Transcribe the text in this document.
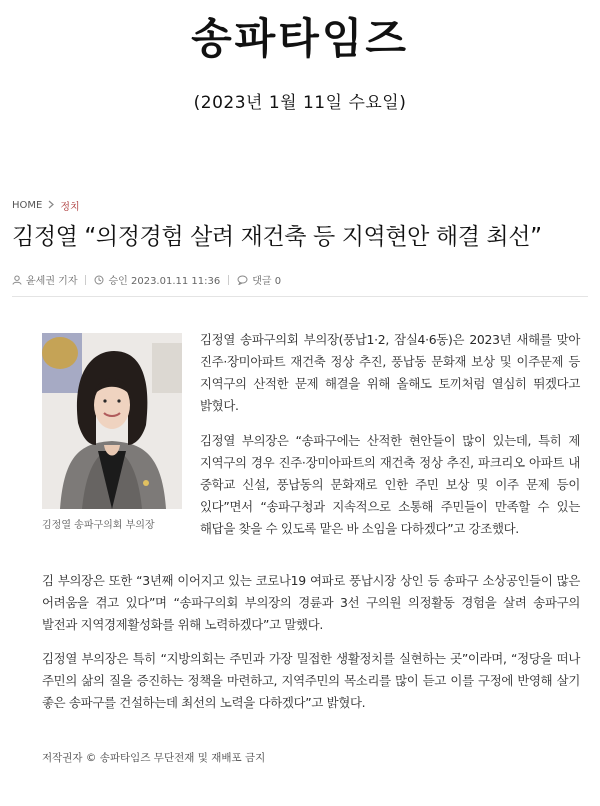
송파타임즈
(2023년 1월 11일 수요일)
HOME 정치
김정열 “의정경험 살려 재건축 등 지역현안 해결 최선”
윤세권 기자	승인 2023.01.11 11:36	댓글 0
김정열 송파구의회 부의장
김정열 송파구의회 부의장(풍납1·2, 잠실4·6동)은 2023년 새해를 맞아 진주·장미아파트 재건축 정상 추진, 풍납동 문화재 보상 및 이주문제 등 지역구의 산적한 문제 해결을 위해 올해도 토끼처럼 열심히 뛰겠다고 밝혔다.
김정열 부의장은 “송파구에는 산적한 현안들이 많이 있는데, 특히 제 지역구의 경우 진주·장미아파트의 재건축 정상 추진, 파크리오 아파트 내 중학교 신설, 풍납동의 문화재로 인한 주민 보상 및 이주 문제 등이 있다”면서 “송파구청과 지속적으로 소통해 주민들이 만족할 수 있는 해답을 찾을 수 있도록 맡은 바 소임을 다하겠다”고 강조했다.
김 부의장은 또한 “3년째 이어지고 있는 코로나19 여파로 풍납시장 상인 등 송파구 소상공인들이 많은 어려움을 겪고 있다”며 “송파구의회 부의장의 경륜과 3선 구의원 의정활동 경험을 살려 송파구의 발전과 지역경제활성화를 위해 노력하겠다”고 말했다.
김정열 부의장은 특히 “지방의회는 주민과 가장 밀접한 생활정치를 실현하는 곳”이라며, “정당을 떠나 주민의 삶의 질을 증진하는 정책을 마련하고, 지역주민의 목소리를 많이 듣고 이를 구정에 반영해 살기 좋은 송파구를 건설하는데 최선의 노력을 다하겠다”고 밝혔다.
저작권자 © 송파타임즈 무단전재 및 재배포 금지
